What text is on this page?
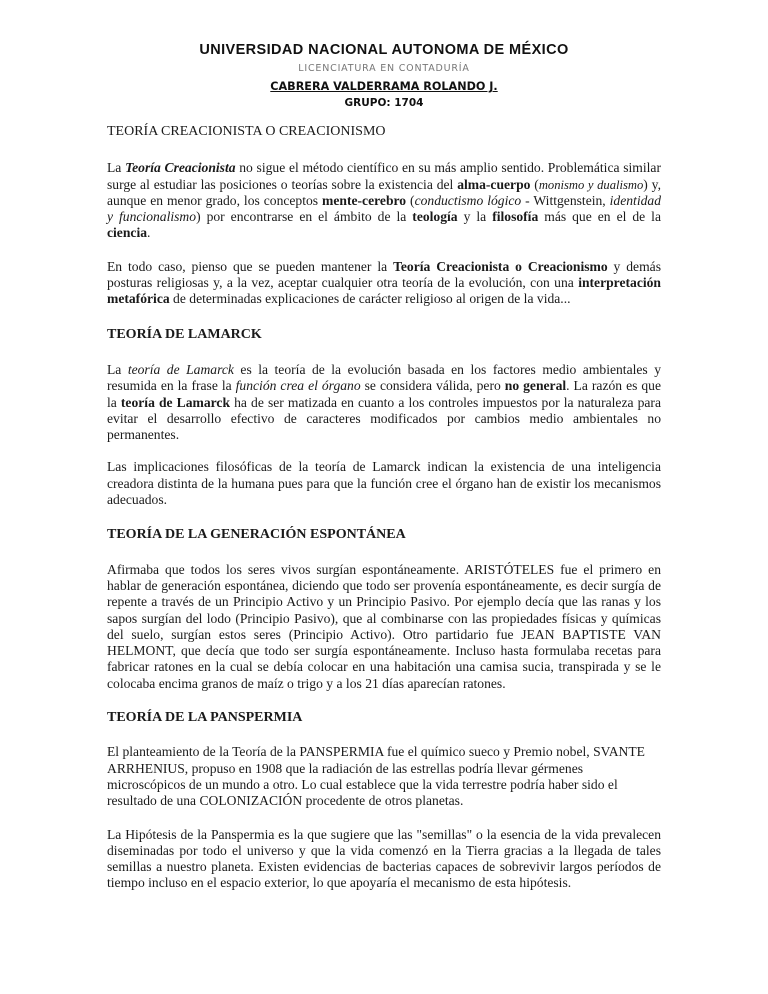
UNIVERSIDAD NACIONAL AUTONOMA DE MÉXICO
LICENCIATURA EN CONTADURÍA
CABRERA VALDERRAMA ROLANDO J.
GRUPO: 1704
TEORÍA CREACIONISTA O CREACIONISMO

La Teoría Creacionista no sigue el método científico en su más amplio sentido. Problemática similar surge al estudiar las posiciones o teorías sobre la existencia del alma-cuerpo (monismo y dualismo) y, aunque en menor grado, los conceptos mente-cerebro (conductismo lógico - Wittgenstein, identidad y funcionalismo) por encontrarse en el ámbito de la teología y la filosofía más que en el de la ciencia.

En todo caso, pienso que se pueden mantener la Teoría Creacionista o Creacionismo y demás posturas religiosas y, a la vez, aceptar cualquier otra teoría de la evolución, con una interpretación metafórica de determinadas explicaciones de carácter religioso al origen de la vida...

TEORÍA DE LAMARCK

La teoría de Lamarck es la teoría de la evolución basada en los factores medio ambientales y resumida en la frase la función crea el órgano se considera válida, pero no general. La razón es que la teoría de Lamarck ha de ser matizada en cuanto a los controles impuestos por la naturaleza para evitar el desarrollo efectivo de caracteres modificados por cambios medio ambientales no permanentes.

Las implicaciones filosóficas de la teoría de Lamarck indican la existencia de una inteligencia creadora distinta de la humana pues para que la función cree el órgano han de existir los mecanismos adecuados.

TEORÍA DE LA GENERACIÓN ESPONTÁNEA

Afirmaba que todos los seres vivos surgían espontáneamente. ARISTÓTELES fue el primero en hablar de generación espontánea, diciendo que todo ser provenía espontáneamente, es decir surgía de repente a través de un Principio Activo y un Principio Pasivo. Por ejemplo decía que las ranas y los sapos surgían del lodo (Principio Pasivo), que al combinarse con las propiedades físicas y químicas del suelo, surgían estos seres (Principio Activo). Otro partidario fue JEAN BAPTISTE VAN HELMONT, que decía que todo ser surgía espontáneamente. Incluso hasta formulaba recetas para fabricar ratones en la cual se debía colocar en una habitación una camisa sucia, transpirada y se le colocaba encima granos de maíz o trigo y a los 21 días aparecían ratones.

TEORÍA DE LA PANSPERMIA

El planteamiento de la Teoría de la PANSPERMIA fue el químico sueco y Premio nobel, SVANTE ARRHENIUS, propuso en 1908 que la radiación de las estrellas podría llevar gérmenes microscópicos de un mundo a otro. Lo cual establece que la vida terrestre podría haber sido el resultado de una COLONIZACIÓN procedente de otros planetas.

La Hipótesis de la Panspermia es la que sugiere que las "semillas" o la esencia de la vida prevalecen diseminadas por todo el universo y que la vida comenzó en la Tierra gracias a la llegada de tales semillas a nuestro planeta. Existen evidencias de bacterias capaces de sobrevivir largos períodos de tiempo incluso en el espacio exterior, lo que apoyaría el mecanismo de esta hipótesis.
